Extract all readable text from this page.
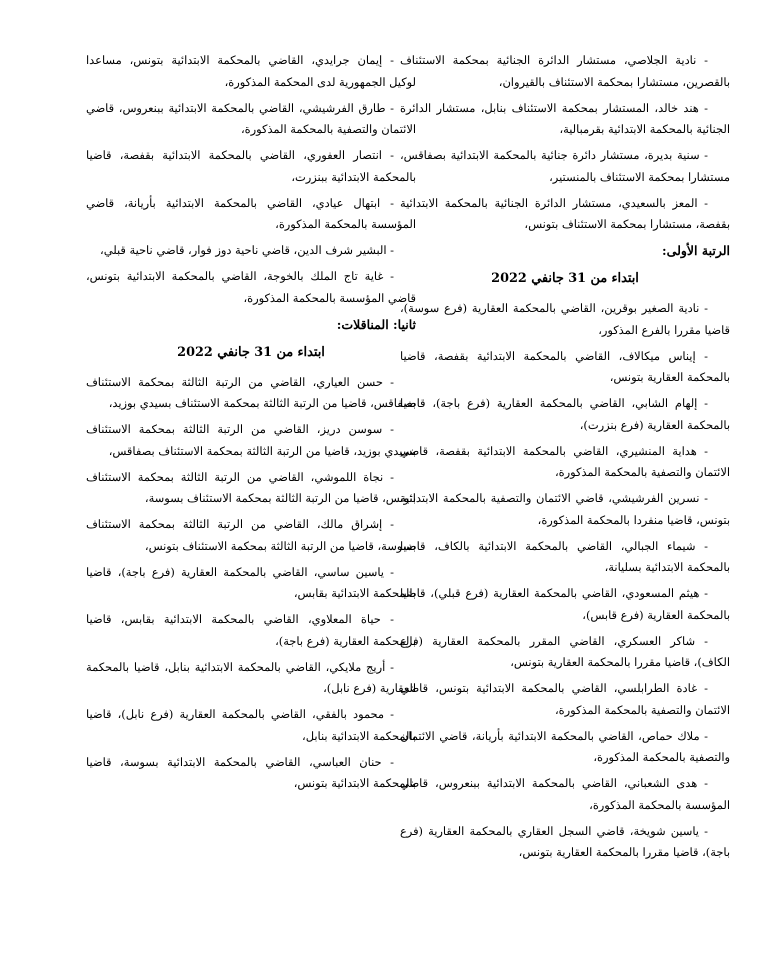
- نادية الجلاصي، مستشار الدائرة الجنائية بمحكمة الاستئناف بالقصرين، مستشارا بمحكمة الاستئناف بالقيروان،

- هند خالد، المستشار بمحكمة الاستئناف بنابل، مستشار الدائرة الجنائية بالمحكمة الابتدائية بقرمبالية،

- سنية بديرة، مستشار دائرة جنائية بالمحكمة الابتدائية بصفاقس، مستشارا بمحكمة الاستئناف بالمنستير،

- المعز بالسعيدي، مستشار الدائرة الجنائية بالمحكمة الابتدائية بقفصة، مستشارا بمحكمة الاستئناف بتونس،

الرتبة الأولى:
ابتداء من 31 جانفي 2022

- نادية الصغير بوقرين، القاضي بالمحكمة العقارية (فرع سوسة)، قاضيا مقررا بالفرع المذكور،

- إيناس ميكالاف، القاضي بالمحكمة الابتدائية بقفصة، قاضيا بالمحكمة العقارية بتونس،

- إلهام الشابي، القاضي بالمحكمة العقارية (فرع باجة)، قاضيا بالمحكمة العقارية (فرع بنزرت)،

- هداية المنشيري، القاضي بالمحكمة الابتدائية بقفصة، قاضي الائتمان والتصفية بالمحكمة المذكورة،

- نسرين الفرشيشي، قاضي الائتمان والتصفية بالمحكمة الابتدائية بتونس، قاضيا منفردا بالمحكمة المذكورة،

- شيماء الجبالي، القاضي بالمحكمة الابتدائية بالكاف، قاضيا بالمحكمة الابتدائية بسليانة،

- هيثم المسعودي، القاضي بالمحكمة العقارية (فرع قبلي)، قاضيا بالمحكمة العقارية (فرع قابس)،

- شاكر العسكري، القاضي المقرر بالمحكمة العقارية (فرع الكاف)، قاضيا مقررا بالمحكمة العقارية بتونس،

- غادة الطرابلسي، القاضي بالمحكمة الابتدائية بتونس، قاضي الائتمان والتصفية بالمحكمة المذكورة،

- ملاك حماص، القاضي بالمحكمة الابتدائية بأريانة، قاضي الائتمان والتصفية بالمحكمة المذكورة،

- هدى الشعباني، القاضي بالمحكمة الابتدائية ببنعروس، قاضي المؤسسة بالمحكمة المذكورة،

- ياسين شويخة، قاضي السجل العقاري بالمحكمة العقارية (فرع باجة)، قاضيا مقررا بالمحكمة العقارية بتونس،

- إيمان جرايدي، القاضي بالمحكمة الابتدائية بتونس، مساعدا لوكيل الجمهورية لدى المحكمة المذكورة،

- طارق الفرشيشي، القاضي بالمحكمة الابتدائية ببنعروس، قاضي الائتمان والتصفية بالمحكمة المذكورة،

- انتصار العفوري، القاضي بالمحكمة الابتدائية بقفصة، قاضيا بالمحكمة الابتدائية ببنزرت،

- ابتهال عيادي، القاضي بالمحكمة الابتدائية بأريانة، قاضي المؤسسة بالمحكمة المذكورة،

- البشير شرف الدين، قاضي ناحية دوز فوار، قاضي ناحية قبلي،

- غاية تاج الملك بالخوجة، القاضي بالمحكمة الابتدائية بتونس، قاضي المؤسسة بالمحكمة المذكورة،

ثانيا: المناقلات:
ابتداء من 31 جانفي 2022

- حسن العياري، القاضي من الرتبة الثالثة بمحكمة الاستئناف بصفاقس، قاضيا من الرتبة الثالثة بمحكمة الاستئناف بسيدي بوزيد،

- سوسن دريز، القاضي من الرتبة الثالثة بمحكمة الاستئناف بسيدي بوزيد، قاضيا من الرتبة الثالثة بمحكمة الاستئناف بصفاقس،

- نجاة اللموشي، القاضي من الرتبة الثالثة بمحكمة الاستئناف بتونس، قاضيا من الرتبة الثالثة بمحكمة الاستئناف بسوسة،

- إشراق مالك، القاضي من الرتبة الثالثة بمحكمة الاستئناف بسوسة، قاضيا من الرتبة الثالثة بمحكمة الاستئناف بتونس،

- ياسين ساسي، القاضي بالمحكمة العقارية (فرع باجة)، قاضيا بالمحكمة الابتدائية بقابس،

- حياة المعلاوي، القاضي بالمحكمة الابتدائية بقابس، قاضيا بالمحكمة العقارية (فرع باجة)،

- أريج ملايكي، القاضي بالمحكمة الابتدائية بنابل، قاضيا بالمحكمة العقارية (فرع نابل)،

- محمود بالفقي، القاضي بالمحكمة العقارية (فرع نابل)، قاضيا بالمحكمة الابتدائية بنابل،

- حنان العباسي، القاضي بالمحكمة الابتدائية بسوسة، قاضيا بالمحكمة الابتدائية بتونس،
